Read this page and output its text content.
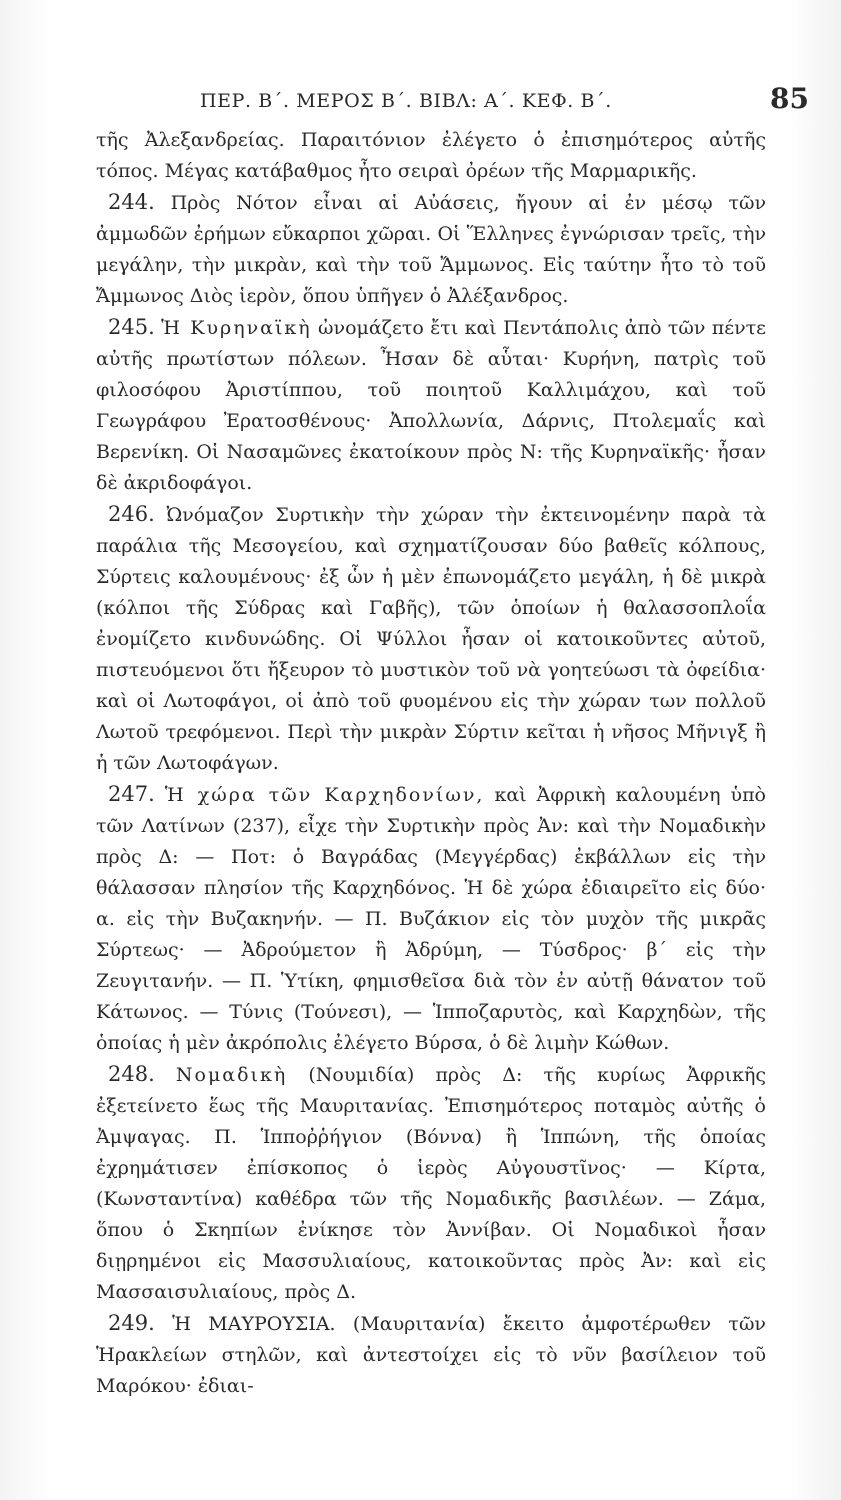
ΠΕΡ. Β΄. ΜΕΡΟΣ Β΄. ΒΙΒΛ: Α΄. ΚΕΦ. Β΄.	85

τῆς Ἀλεξανδρείας. Παραιτόνιον ἐλέγετο ὁ ἐπισημότερος αὐτῆς τόπος. Μέγας κατάβαθμος ἦτο σειραὶ ὀρέων τῆς Μαρμαρικῆς.

244. Πρὸς Νότον εἶναι αἱ Αὐάσεις, ἤγουν αἱ ἐν μέσῳ τῶν ἀμμωδῶν ἐρήμων εὔκαρποι χῶραι. Οἱ Ἕλληνες ἐγνώρισαν τρεῖς, τὴν μεγάλην, τὴν μικρὰν, καὶ τὴν τοῦ Ἄμμωνος. Εἰς ταύτην ἦτο τὸ τοῦ Ἄμμωνος Διὸς ἱερὸν, ὅπου ὑπῆγεν ὁ Ἀλέξανδρος.

245. Ἡ Κυρηναϊκὴ ὠνομάζετο ἔτι καὶ Πεντάπολις ἀπὸ τῶν πέντε αὐτῆς πρωτίστων πόλεων. Ἦσαν δὲ αὗται· Κυρήνη, πατρὶς τοῦ φιλοσόφου Ἀριστίππου, τοῦ ποιητοῦ Καλλιμάχου, καὶ τοῦ Γεωγράφου Ἐρατοσθένους· Ἀπολλωνία, Δάρνις, Πτολεμαΐς καὶ Βερενίκη. Οἱ Νασαμῶνες ἐκατοίκουν πρὸς Ν: τῆς Κυρηναϊκῆς· ἦσαν δὲ ἀκριδοφάγοι.

246. Ὠνόμαζον Συρτικὴν τὴν χώραν τὴν ἐκτεινομένην παρὰ τὰ παράλια τῆς Μεσογείου, καὶ σχηματίζουσαν δύο βαθεῖς κόλπους, Σύρτεις καλουμένους· ἐξ ὧν ἡ μὲν ἐπωνομάζετο μεγάλη, ἡ δὲ μικρὰ (κόλποι τῆς Σύδρας καὶ Γαβῆς), τῶν ὁποίων ἡ θαλασσοπλοΐα ἐνομίζετο κινδυνώδης. Οἱ Ψύλλοι ἦσαν οἱ κατοικοῦντες αὐτοῦ, πιστευόμενοι ὅτι ἤξευρον τὸ μυστικὸν τοῦ νὰ γοητεύωσι τὰ ὀφείδια· καὶ οἱ Λωτοφάγοι, οἱ ἀπὸ τοῦ φυομένου εἰς τὴν χώραν των πολλοῦ Λωτοῦ τρεφόμενοι. Περὶ τὴν μικρὰν Σύρτιν κεῖται ἡ νῆσος Μῆνιγξ ἢ ἡ τῶν Λωτοφάγων.

247. Ἡ χώρα τῶν Καρχηδονίων, καὶ Ἀφρικὴ καλουμένη ὑπὸ τῶν Λατίνων (237), εἶχε τὴν Συρτικὴν πρὸς Ἀν: καὶ τὴν Νομαδικὴν πρὸς Δ: — Ποτ: ὁ Βαγράδας (Μεγγέρδας) ἐκβάλλων εἰς τὴν θάλασσαν πλησίον τῆς Καρχηδόνος. Ἡ δὲ χώρα ἐδιαιρεῖτο εἰς δύο· α. εἰς τὴν Βυζακηνήν. — Π. Βυζάκιον εἰς τὸν μυχὸν τῆς μικρᾶς Σύρτεως· — Ἀδρούμετον ἢ Ἀδρύμη, — Τύσδρος· β΄ εἰς τὴν Ζευγιτανήν. — Π. Ὑτίκη, φημισθεῖσα διὰ τὸν ἐν αὐτῇ θάνατον τοῦ Κάτωνος. — Τύνις (Τούνεσι), — Ἱπποζαρυτὸς, καὶ Καρχηδὼν, τῆς ὁποίας ἡ μὲν ἀκρόπολις ἐλέγετο Βύρσα, ὁ δὲ λιμὴν Κώθων.

248. Νομαδικὴ (Νουμιδία) πρὸς Δ: τῆς κυρίως Ἀφρικῆς ἐξετείνετο ἕως τῆς Μαυριτανίας. Ἐπισημότερος ποταμὸς αὐτῆς ὁ Ἀμψαγας. Π. Ἱπποῤῥήγιον (Βόννα) ἢ Ἱππώνη, τῆς ὁποίας ἐχρημάτισεν ἐπίσκοπος ὁ ἱερὸς Αὐγουστῖνος· — Κίρτα, (Κωνσταντίνα) καθέδρα τῶν τῆς Νομαδικῆς βασιλέων. — Ζάμα, ὅπου ὁ Σκηπίων ἐνίκησε τὸν Ἀννίβαν. Οἱ Νομαδικοὶ ἦσαν διῃρημένοι εἰς Μασσυλιαίους, κατοικοῦντας πρὸς Ἀν: καὶ εἰς Μασσαισυλιαίους, πρὸς Δ.

249. Ἡ ΜΑΥΡΟΥΣΙΑ. (Μαυριτανία) ἔκειτο ἀμφοτέρωθεν τῶν Ἡρακλείων στηλῶν, καὶ ἀντεστοίχει εἰς τὸ νῦν βασίλειον τοῦ Μαρόκου· ἐδιαι-
